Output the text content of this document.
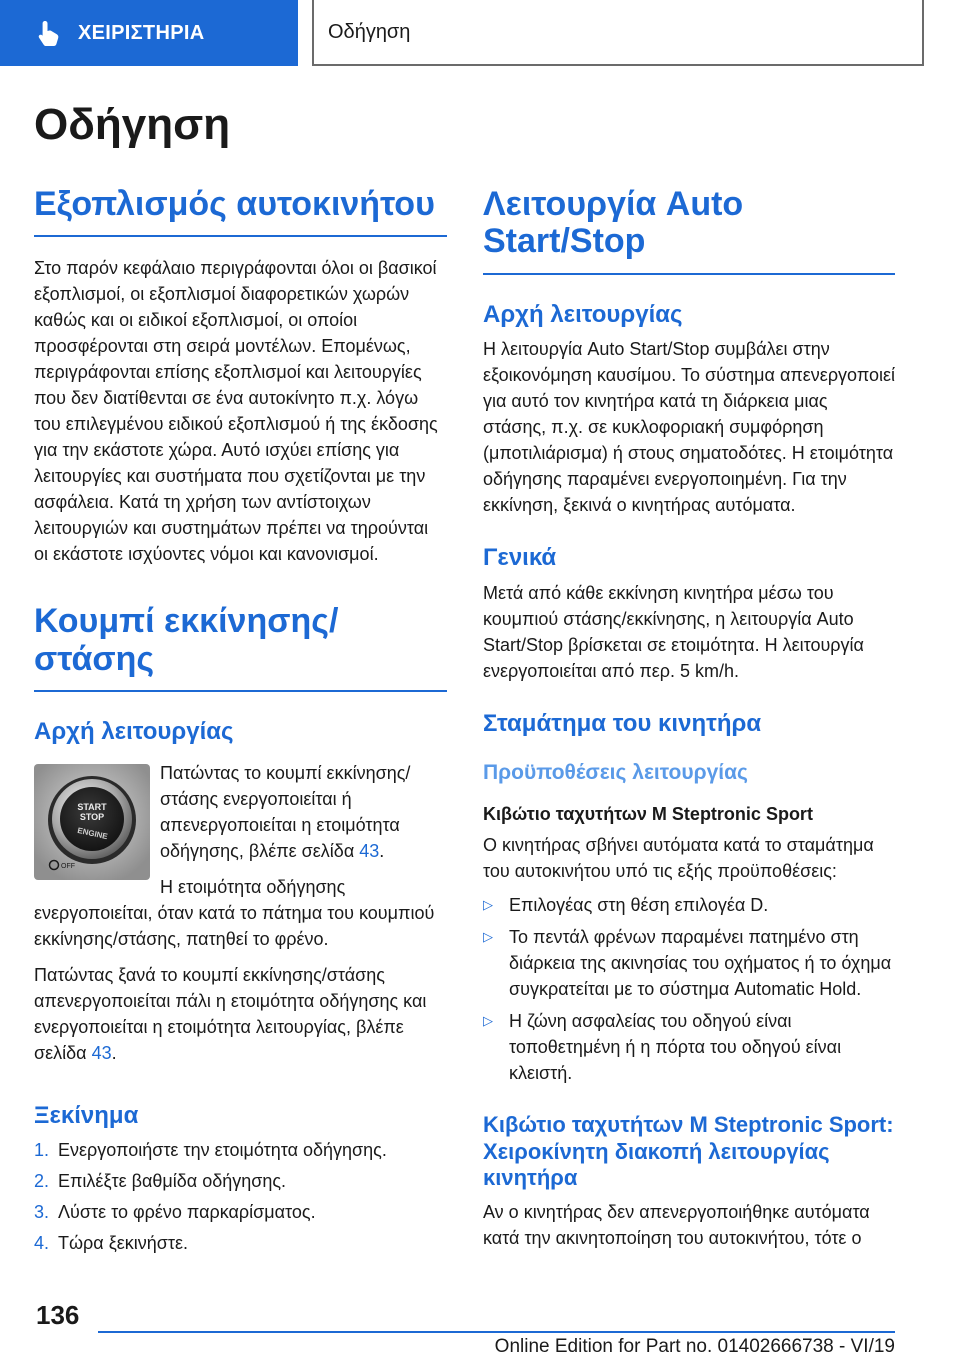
ΧΕΙΡΙΣΤΗΡΙΑ	Οδήγηση
Οδήγηση
Εξοπλισμός αυτοκινήτου

Στο παρόν κεφάλαιο περιγράφονται όλοι οι βασικοί εξοπλισμοί, οι εξοπλισμοί διαφορετικών χωρών καθώς και οι ειδικοί εξοπλισμοί, οι οποίοι προσφέρονται στη σειρά μοντέλων. Επομένως, περιγράφονται επίσης εξοπλισμοί και λειτουργίες που δεν διατίθενται σε ένα αυτοκίνητο π.χ. λόγω του επιλεγμένου ειδικού εξοπλισμού ή της έκδοσης για την εκάστοτε χώρα. Αυτό ισχύει επίσης για λειτουργίες και συστήματα που σχετίζονται με την ασφάλεια. Κατά τη χρήση των αντίστοιχων λειτουργιών και συστημάτων πρέπει να τηρούνται οι εκάστοτε ισχύοντες νόμοι και κανονισμοί.

Κουμπί εκκίνησης/στάσης
Αρχή λειτουργίας
START
STOP
ENGINE
OFF

Πατώντας το κουμπί εκκίνησης/στάσης ενεργοποιείται ή απενεργοποιείται η ετοιμότητα οδήγησης, βλέπε σελίδα 43.

Η ετοιμότητα οδήγησης ενεργοποιείται, όταν κατά το πάτημα του κουμπιού εκκίνησης/στάσης, πατηθεί το φρένο.

Πατώντας ξανά το κουμπί εκκίνησης/στάσης απενεργοποιείται πάλι η ετοιμότητα οδήγησης και ενεργοποιείται η ετοιμότητα λειτουργίας, βλέπε σελίδα 43.

Ξεκίνημα
1. Ενεργοποιήστε την ετοιμότητα οδήγησης.
2. Επιλέξτε βαθμίδα οδήγησης.
3. Λύστε το φρένο παρκαρίσματος.
4. Τώρα ξεκινήστε.
Λειτουργία Auto Start/Stop
Αρχή λειτουργίας

Η λειτουργία Auto Start/Stop συμβάλει στην εξοικονόμηση καυσίμου. Το σύστημα απενεργοποιεί για αυτό τον κινητήρα κατά τη διάρκεια μιας στάσης, π.χ. σε κυκλοφοριακή συμφόρηση (μποτιλιάρισμα) ή στους σηματοδότες. Η ετοιμότητα οδήγησης παραμένει ενεργοποιημένη. Για την εκκίνηση, ξεκινά ο κινητήρας αυτόματα.

Γενικά

Μετά από κάθε εκκίνηση κινητήρα μέσω του κουμπιού στάσης/εκκίνησης, η λειτουργία Auto Start/Stop βρίσκεται σε ετοιμότητα. Η λειτουργία ενεργοποιείται από περ. 5 km/h.

Σταμάτημα του κινητήρα
Προϋποθέσεις λειτουργίας
Κιβώτιο ταχυτήτων M Steptronic Sport

Ο κινητήρας σβήνει αυτόματα κατά το σταμάτημα του αυτοκινήτου υπό τις εξής προϋποθέσεις:

▷ Επιλογέας στη θέση επιλογέα D.
▷ Το πεντάλ φρένων παραμένει πατημένο στη διάρκεια της ακινησίας του οχήματος ή το όχημα συγκρατείται με το σύστημα Automatic Hold.
▷ Η ζώνη ασφαλείας του οδηγού είναι τοποθετημένη ή η πόρτα του οδηγού είναι κλειστή.
Κιβώτιο ταχυτήτων M Steptronic Sport: Χειροκίνητη διακοπή λειτουργίας κινητήρα

Αν ο κινητήρας δεν απενεργοποιήθηκε αυτόματα κατά την ακινητοποίηση του αυτοκινήτου, τότε ο

136
Online Edition for Part no. 01402666738 - VI/19
